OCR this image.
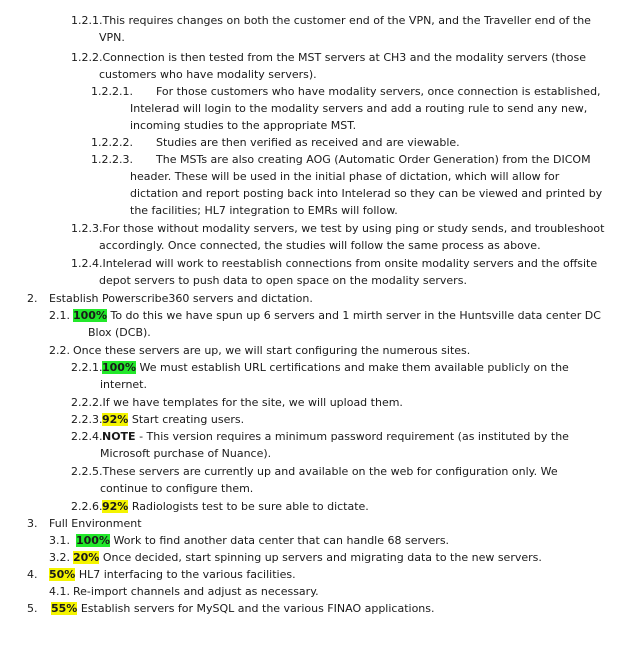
1.2.1.This requires changes on both the customer end of the VPN, and the Traveller end of the
VPN.
1.2.2.Connection is then tested from the MST servers at CH3 and the modality servers (those
customers who have modality servers).
1.2.2.1. For those customers who have modality servers, once connection is established,
Intelerad will login to the modality servers and add a routing rule to send any new,
incoming studies to the appropriate MST.
1.2.2.2. Studies are then verified as received and are viewable.
1.2.2.3. The MSTs are also creating AOG (Automatic Order Generation) from the DICOM
header. These will be used in the initial phase of dictation, which will allow for
dictation and report posting back into Intelerad so they can be viewed and printed by
the facilities; HL7 integration to EMRs will follow.
1.2.3.For those without modality servers, we test by using ping or study sends, and troubleshoot
accordingly. Once connected, the studies will follow the same process as above.
1.2.4.Intelerad will work to reestablish connections from onsite modality servers and the offsite
depot servers to push data to open space on the modality servers.
2. Establish Powerscribe360 servers and dictation.
2.1. 100% To do this we have spun up 6 servers and 1 mirth server in the Huntsville data center DC
Blox (DCB).
2.2. Once these servers are up, we will start configuring the numerous sites.
2.2.1.100% We must establish URL certifications and make them available publicly on the
internet.
2.2.2.If we have templates for the site, we will upload them.
2.2.3.92% Start creating users.
2.2.4.NOTE - This version requires a minimum password requirement (as instituted by the
Microsoft purchase of Nuance).
2.2.5.These servers are currently up and available on the web for configuration only. We
continue to configure them.
2.2.6.92% Radiologists test to be sure able to dictate.
3. Full Environment
3.1. 100% Work to find another data center that can handle 68 servers.
3.2. 20% Once decided, start spinning up servers and migrating data to the new servers.
4. 50% HL7 interfacing to the various facilities.
4.1. Re-import channels and adjust as necessary.
5. 55% Establish servers for MySQL and the various FINAO applications.
